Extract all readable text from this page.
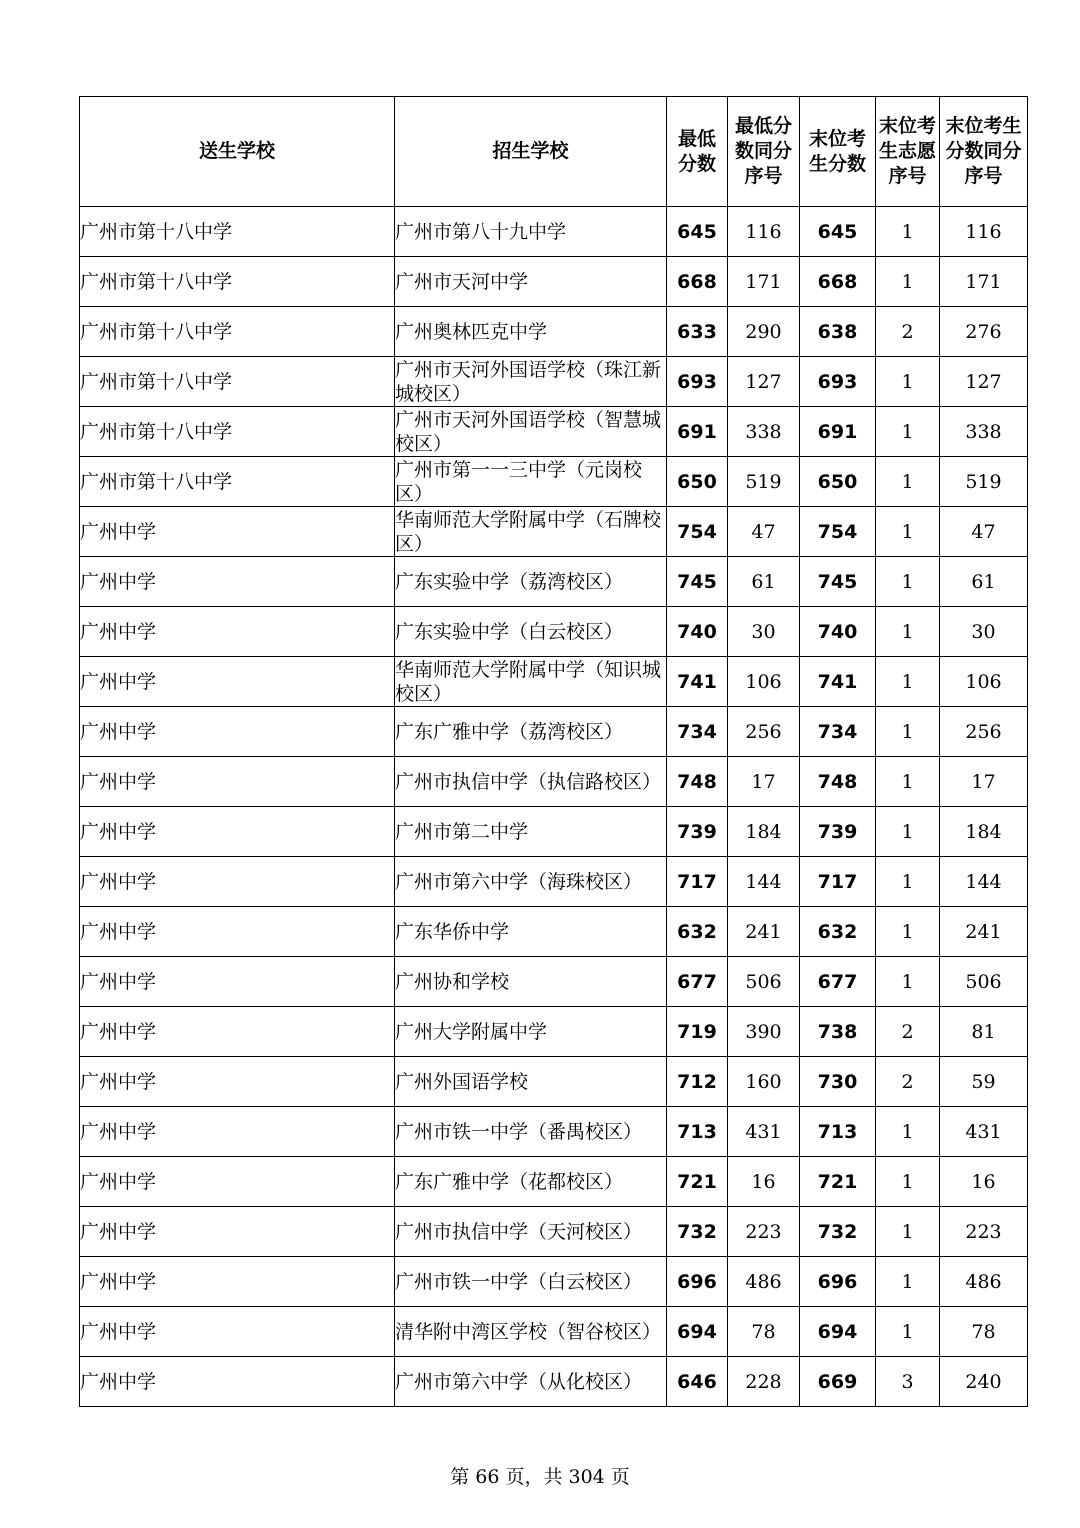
送生学校	招生学校	最低分数	最低分数同分序号	末位考生分数	末位考生志愿序号	末位考生分数同分序号
广州市第十八中学	广州市第八十九中学	645	116	645	1	116
广州市第十八中学	广州市天河中学	668	171	668	1	171
广州市第十八中学	广州奥林匹克中学	633	290	638	2	276
广州市第十八中学	广州市天河外国语学校（珠江新城校区）	693	127	693	1	127
广州市第十八中学	广州市天河外国语学校（智慧城校区）	691	338	691	1	338
广州市第十八中学	广州市第一一三中学（元岗校区）	650	519	650	1	519
广州中学	华南师范大学附属中学（石牌校区）	754	47	754	1	47
广州中学	广东实验中学（荔湾校区）	745	61	745	1	61
广州中学	广东实验中学（白云校区）	740	30	740	1	30
广州中学	华南师范大学附属中学（知识城校区）	741	106	741	1	106
广州中学	广东广雅中学（荔湾校区）	734	256	734	1	256
广州中学	广州市执信中学（执信路校区）	748	17	748	1	17
广州中学	广州市第二中学	739	184	739	1	184
广州中学	广州市第六中学（海珠校区）	717	144	717	1	144
广州中学	广东华侨中学	632	241	632	1	241
广州中学	广州协和学校	677	506	677	1	506
广州中学	广州大学附属中学	719	390	738	2	81
广州中学	广州外国语学校	712	160	730	2	59
广州中学	广州市铁一中学（番禺校区）	713	431	713	1	431
广州中学	广东广雅中学（花都校区）	721	16	721	1	16
广州中学	广州市执信中学（天河校区）	732	223	732	1	223
广州中学	广州市铁一中学（白云校区）	696	486	696	1	486
广州中学	清华附中湾区学校（智谷校区）	694	78	694	1	78
广州中学	广州市第六中学（从化校区）	646	228	669	3	240
第 66 页，共 304 页
